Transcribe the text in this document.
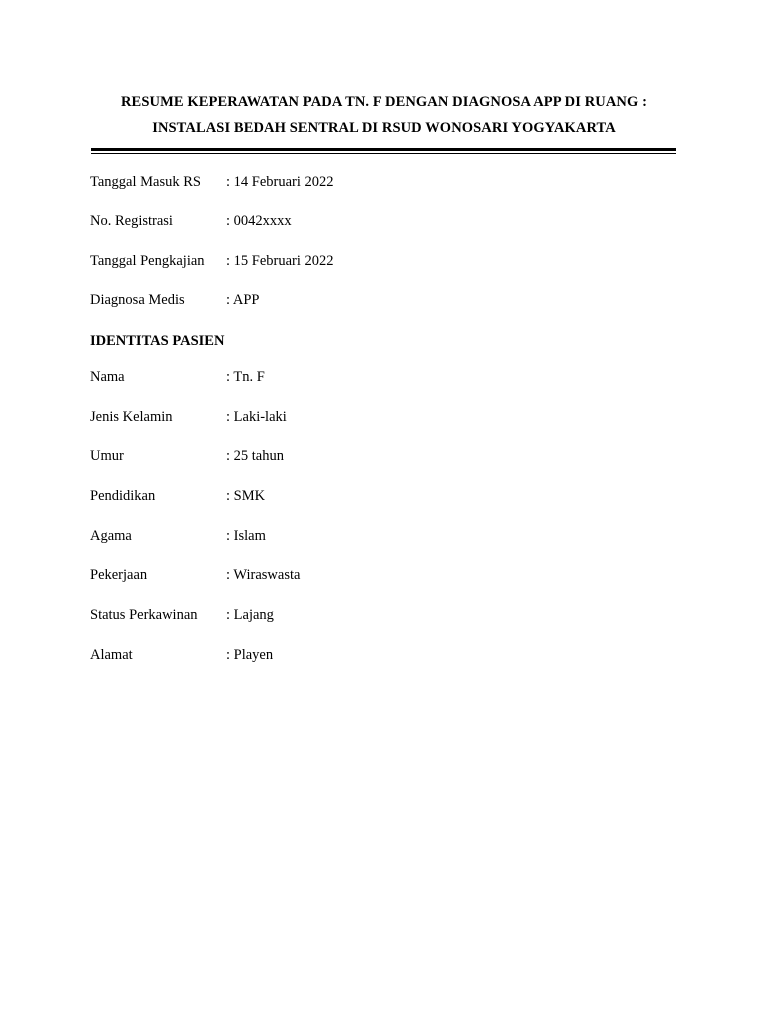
RESUME KEPERAWATAN PADA TN. F DENGAN DIAGNOSA APP DI RUANG :
INSTALASI BEDAH SENTRAL DI RSUD WONOSARI YOGYAKARTA
Tanggal Masuk RS : 14 Februari 2022
No. Registrasi	: 0042xxxx
Tanggal Pengkajian : 15 Februari 2022
Diagnosa Medis	: APP
IDENTITAS PASIEN
Nama	: Tn. F
Jenis Kelamin	: Laki-laki
Umur	: 25 tahun
Pendidikan	: SMK
Agama	: Islam
Pekerjaan	: Wiraswasta
Status Perkawinan : Lajang
Alamat	: Playen
